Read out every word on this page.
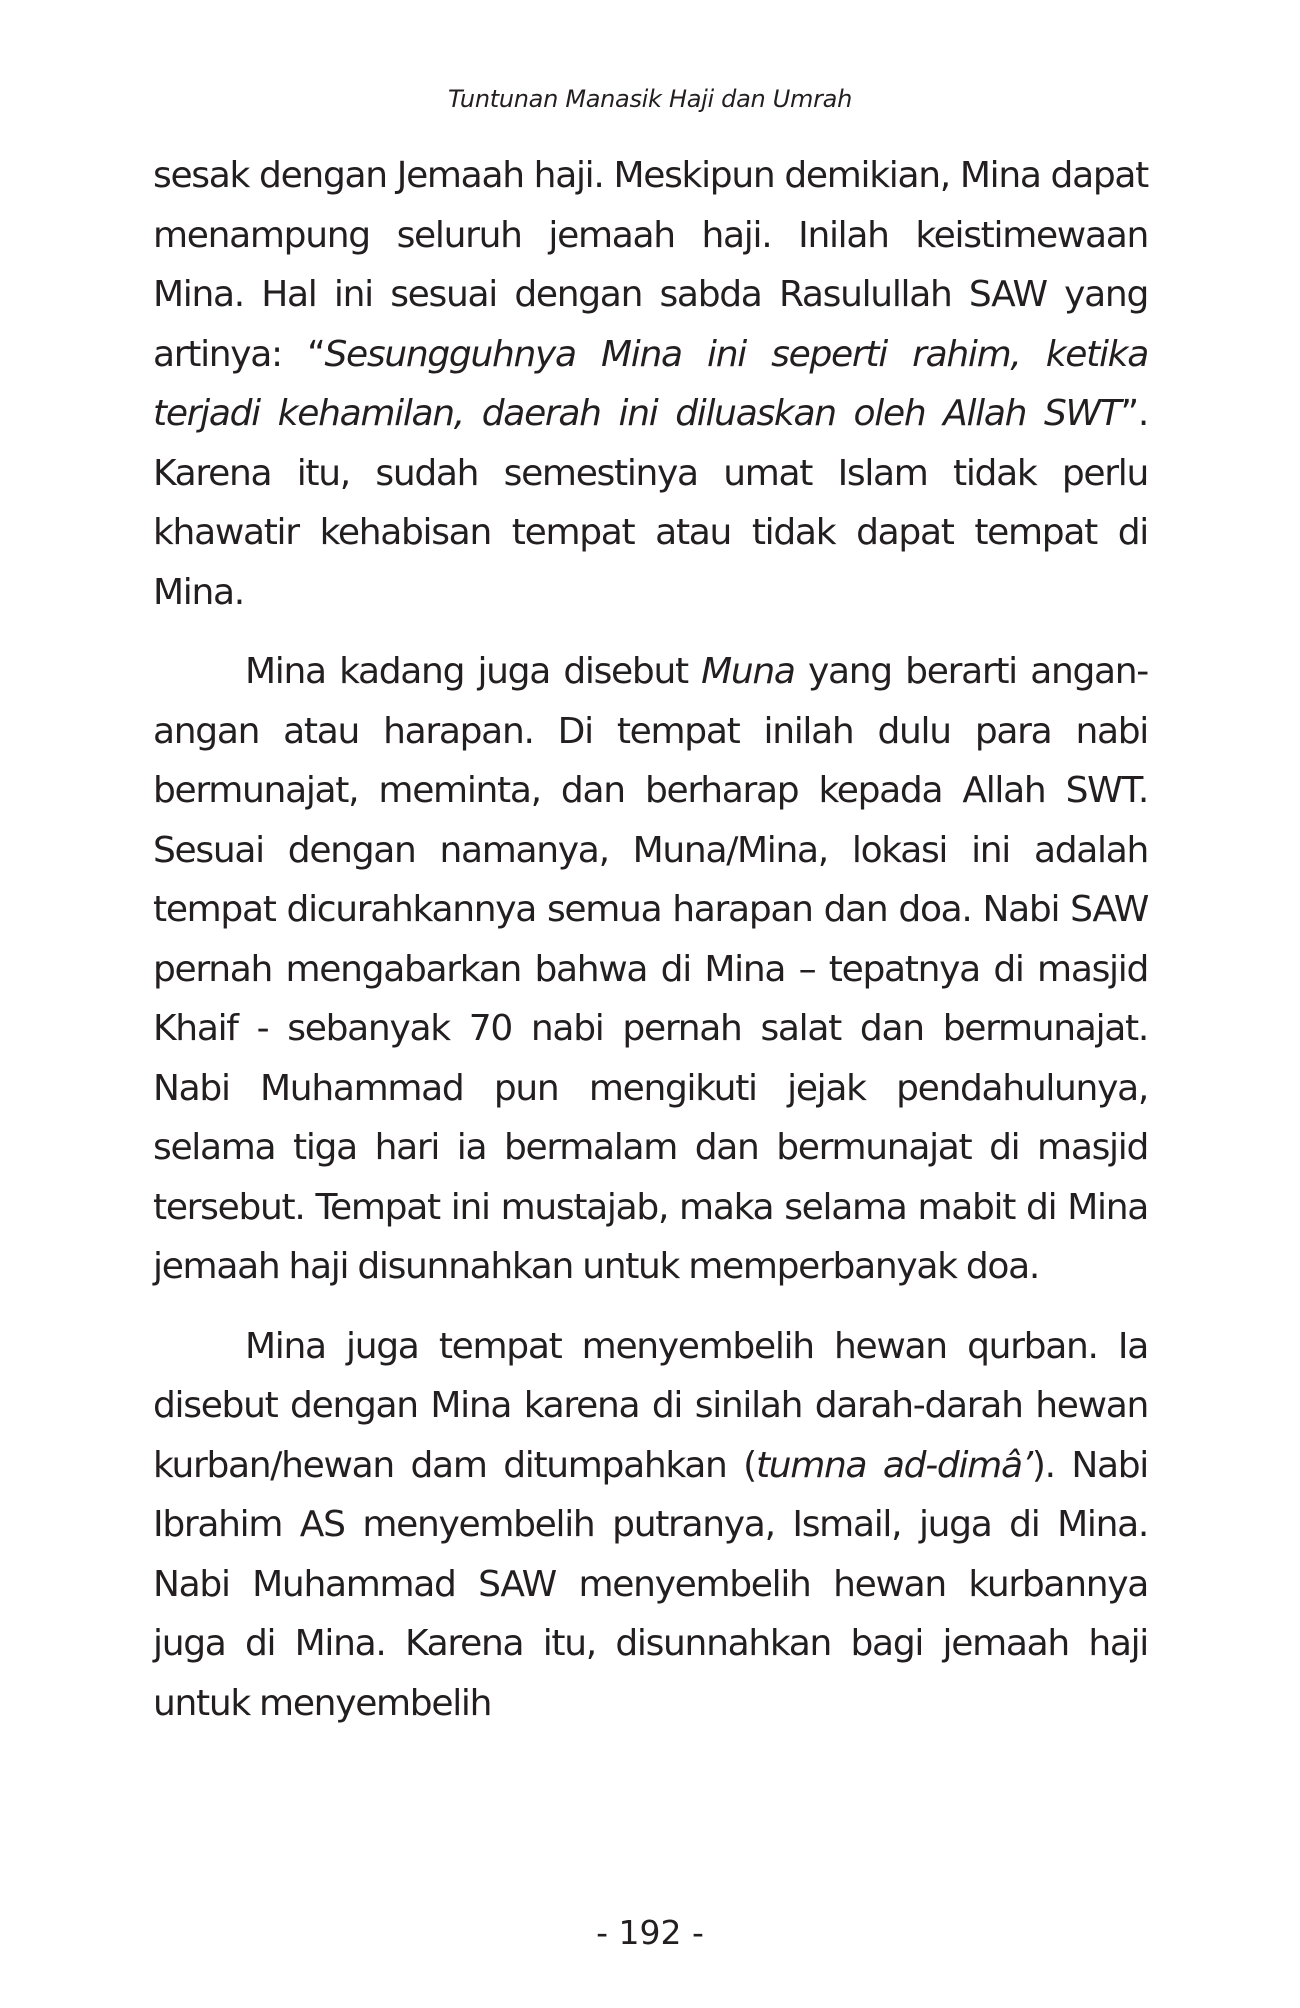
Tuntunan Manasik Haji dan Umrah

sesak dengan Jemaah haji. Meskipun demikian, Mina dapat menampung seluruh jemaah haji. Inilah keistimewaan Mina. Hal ini sesuai dengan sabda Rasulullah SAW yang artinya: “Sesungguhnya Mina ini seperti rahim, ketika terjadi kehamilan, daerah ini diluaskan oleh Allah SWT”. Karena itu, sudah semestinya umat Islam tidak perlu khawatir kehabisan tempat atau tidak dapat tempat di Mina.

Mina kadang juga disebut Muna yang berarti angan-angan atau harapan. Di tempat inilah dulu para nabi bermunajat, meminta, dan berharap kepada Allah SWT. Sesuai dengan namanya, Muna/Mina, lokasi ini adalah tempat dicurahkannya semua harapan dan doa. Nabi SAW pernah mengabarkan bahwa di Mina – tepatnya di masjid Khaif - sebanyak 70 nabi pernah salat dan bermunajat. Nabi Muhammad pun mengikuti jejak pendahulunya, selama tiga hari ia bermalam dan bermunajat di masjid tersebut. Tempat ini mustajab, maka selama mabit di Mina jemaah haji disunnahkan untuk memperbanyak doa.

Mina juga tempat menyembelih hewan qurban. Ia disebut dengan Mina karena di sinilah darah-darah hewan kurban/hewan dam ditumpahkan (tumna ad-dimâ’). Nabi Ibrahim AS menyembelih putranya, Ismail, juga di Mina. Nabi Muhammad SAW menyembelih hewan kurbannya juga di Mina. Karena itu, disunnahkan bagi jemaah haji untuk menyembelih

- 192 -
